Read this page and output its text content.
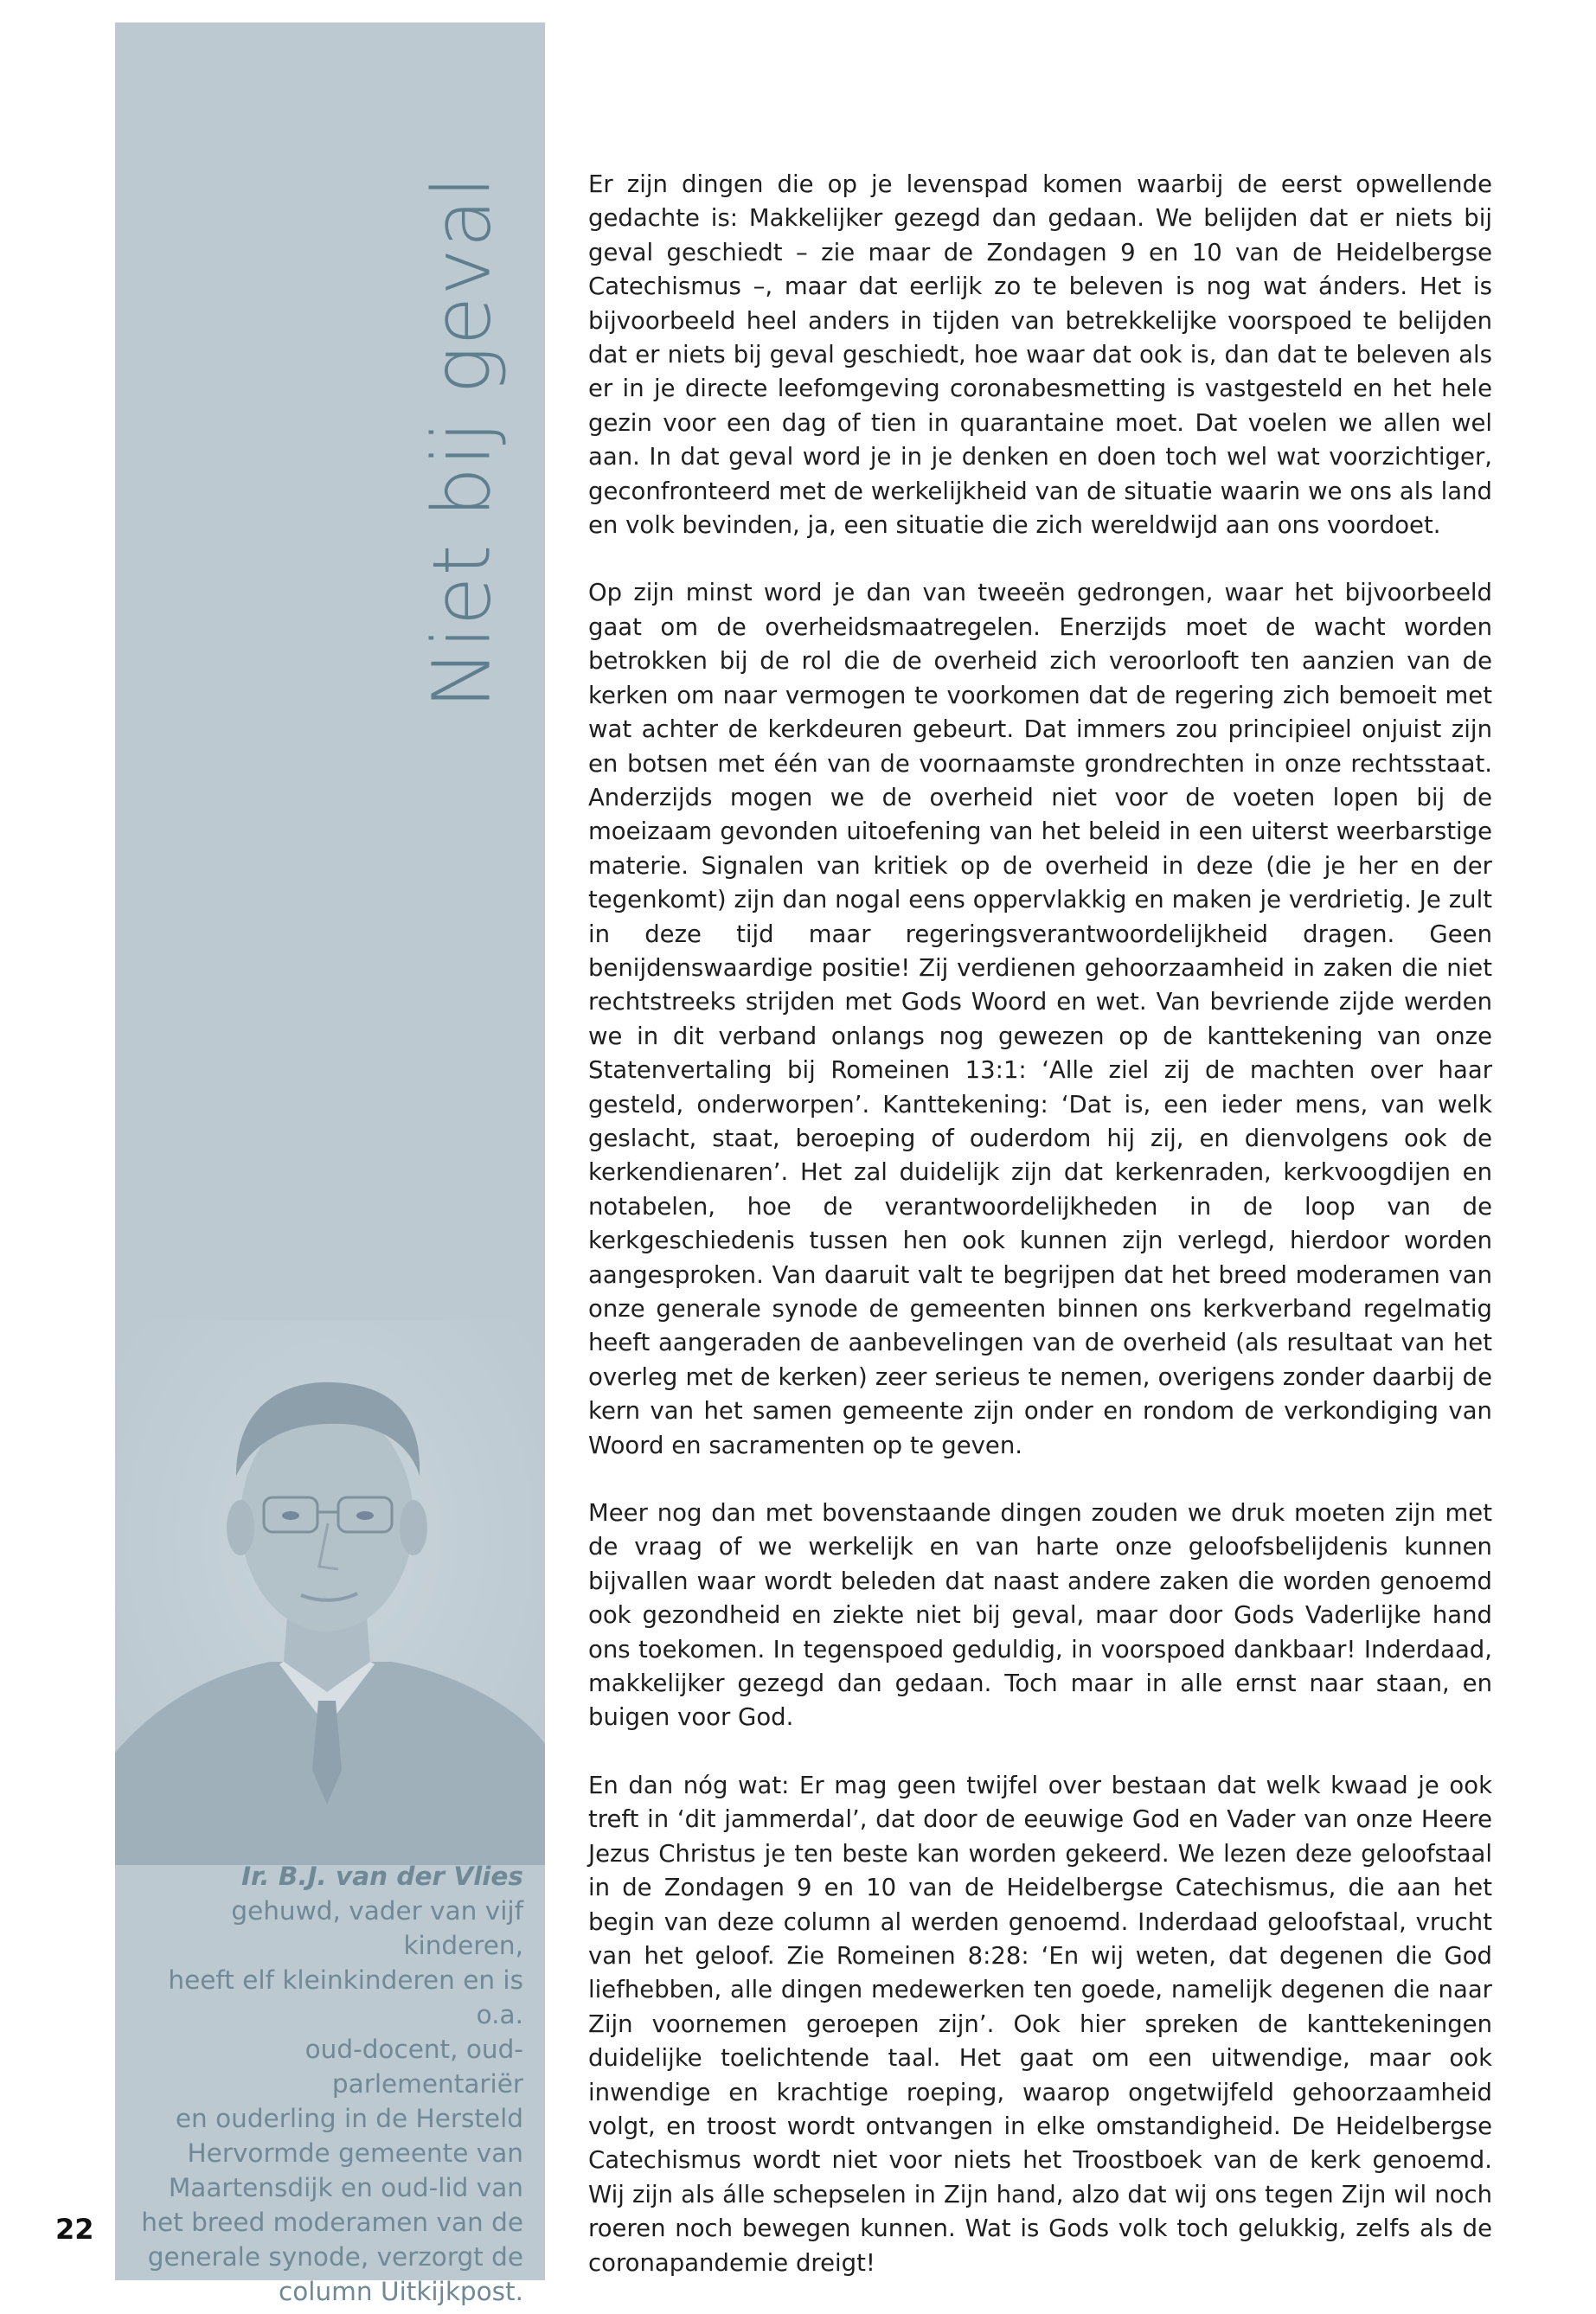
Niet bij geval
Ir. B.J. van der Vlies
gehuwd, vader van vijf kinderen,
heeft elf kleinkinderen en is o.a.
oud-docent, oud-parlementariër
en ouderling in de Hersteld
Hervormde gemeente van
Maartensdijk en oud-lid van
het breed moderamen van de
generale synode, verzorgt de
column Uitkijkpost.

Er zijn dingen die op je levenspad komen waarbij de eerst opwellende gedachte is: Makkelijker gezegd dan gedaan. We belijden dat er niets bij geval geschiedt – zie maar de Zondagen 9 en 10 van de Heidelbergse Catechismus –, maar dat eerlijk zo te beleven is nog wat ánders. Het is bijvoorbeeld heel anders in tijden van betrekkelijke voorspoed te belijden dat er niets bij geval geschiedt, hoe waar dat ook is, dan dat te beleven als er in je directe leefomgeving coronabesmetting is vastgesteld en het hele gezin voor een dag of tien in quarantaine moet. Dat voelen we allen wel aan. In dat geval word je in je denken en doen toch wel wat voorzichtiger, geconfronteerd met de werkelijkheid van de situatie waarin we ons als land en volk bevinden, ja, een situatie die zich wereldwijd aan ons voordoet.

Op zijn minst word je dan van tweeën gedrongen, waar het bijvoorbeeld gaat om de overheidsmaatregelen. Enerzijds moet de wacht worden betrokken bij de rol die de overheid zich veroorlooft ten aanzien van de kerken om naar vermogen te voorkomen dat de regering zich bemoeit met wat achter de kerkdeuren gebeurt. Dat immers zou principieel onjuist zijn en botsen met één van de voornaamste grondrechten in onze rechtsstaat. Anderzijds mogen we de overheid niet voor de voeten lopen bij de moeizaam gevonden uitoefening van het beleid in een uiterst weerbarstige materie. Signalen van kritiek op de overheid in deze (die je her en der tegenkomt) zijn dan nogal eens oppervlakkig en maken je verdrietig. Je zult in deze tijd maar regeringsverantwoordelijkheid dragen. Geen benijdenswaardige positie! Zij verdienen gehoorzaamheid in zaken die niet rechtstreeks strijden met Gods Woord en wet. Van bevriende zijde werden we in dit verband onlangs nog gewezen op de kanttekening van onze Statenvertaling bij Romeinen 13:1: ‘Alle ziel zij de machten over haar gesteld, onderworpen’. Kanttekening: ‘Dat is, een ieder mens, van welk geslacht, staat, beroeping of ouderdom hij zij, en dienvolgens ook de kerkendienaren’. Het zal duidelijk zijn dat kerkenraden, kerkvoogdijen en notabelen, hoe de verantwoordelijkheden in de loop van de kerkgeschiedenis tussen hen ook kunnen zijn verlegd, hierdoor worden aangesproken. Van daaruit valt te begrijpen dat het breed moderamen van onze generale synode de gemeenten binnen ons kerkverband regelmatig heeft aangeraden de aanbevelingen van de overheid (als resultaat van het overleg met de kerken) zeer serieus te nemen, overigens zonder daarbij de kern van het samen gemeente zijn onder en rondom de verkondiging van Woord en sacramenten op te geven.

Meer nog dan met bovenstaande dingen zouden we druk moeten zijn met de vraag of we werkelijk en van harte onze geloofsbelijdenis kunnen bijvallen waar wordt beleden dat naast andere zaken die worden genoemd ook gezondheid en ziekte niet bij geval, maar door Gods Vaderlijke hand ons toekomen. In tegenspoed geduldig, in voorspoed dankbaar! Inderdaad, makkelijker gezegd dan gedaan. Toch maar in alle ernst naar staan, en buigen voor God.

En dan nóg wat: Er mag geen twijfel over bestaan dat welk kwaad je ook treft in ‘dit jammerdal’, dat door de eeuwige God en Vader van onze Heere Jezus Christus je ten beste kan worden gekeerd. We lezen deze geloofstaal in de Zondagen 9 en 10 van de Heidelbergse Catechismus, die aan het begin van deze column al werden genoemd. Inderdaad geloofstaal, vrucht van het geloof. Zie Romeinen 8:28: ‘En wij weten, dat degenen die God liefhebben, alle dingen medewerken ten goede, namelijk degenen die naar Zijn voornemen geroepen zijn’. Ook hier spreken de kanttekeningen duidelijke toelichtende taal. Het gaat om een uitwendige, maar ook inwendige en krachtige roeping, waarop ongetwijfeld gehoorzaamheid volgt, en troost wordt ontvangen in elke omstandigheid. De Heidelbergse Catechismus wordt niet voor niets het Troostboek van de kerk genoemd. Wij zijn als álle schepselen in Zijn hand, alzo dat wij ons tegen Zijn wil noch roeren noch bewegen kunnen. Wat is Gods volk toch gelukkig, zelfs als de coronapandemie dreigt!

22
